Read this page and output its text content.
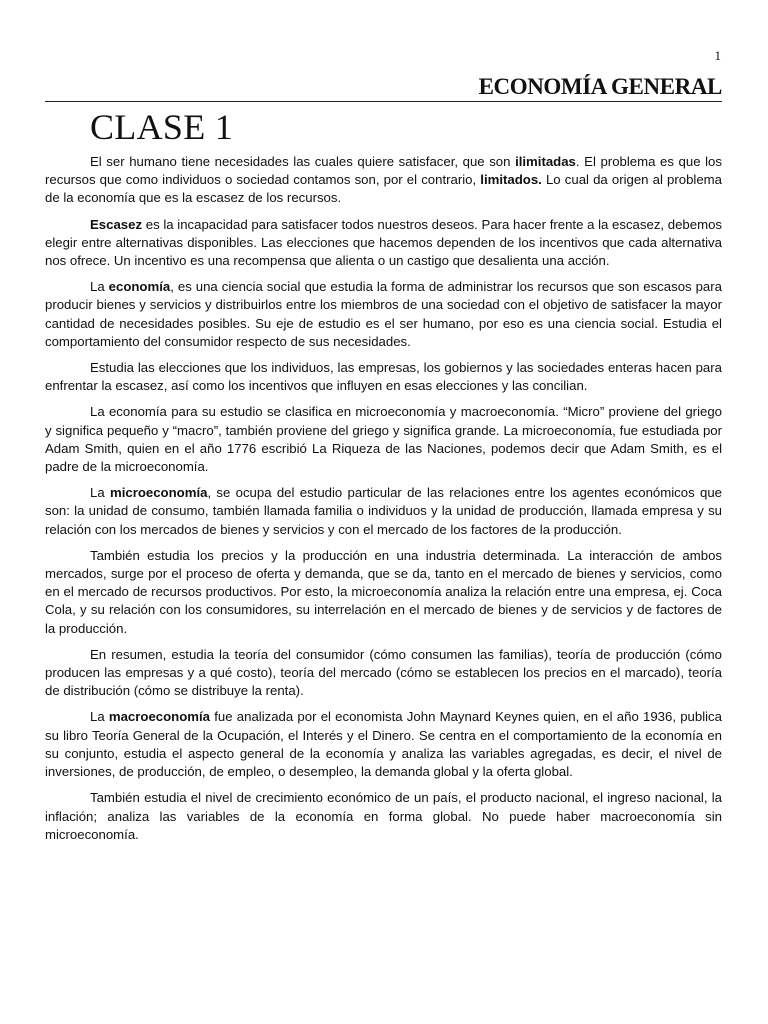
1
ECONOMÍA GENERAL
CLASE 1

El ser humano tiene necesidades las cuales quiere satisfacer, que son ilimitadas. El problema es que los recursos que como individuos o sociedad contamos son, por el contrario, limitados. Lo cual da origen al problema de la economía que es la escasez de los recursos.

Escasez es la incapacidad para satisfacer todos nuestros deseos. Para hacer frente a la escasez, debemos elegir entre alternativas disponibles. Las elecciones que hacemos dependen de los incentivos que cada alternativa nos ofrece. Un incentivo es una recompensa que alienta o un castigo que desalienta una acción.

La economía, es una ciencia social que estudia la forma de administrar los recursos que son escasos para producir bienes y servicios y distribuirlos entre los miembros de una sociedad con el objetivo de satisfacer la mayor cantidad de necesidades posibles. Su eje de estudio es el ser humano, por eso es una ciencia social. Estudia el comportamiento del consumidor respecto de sus necesidades.

Estudia las elecciones que los individuos, las empresas, los gobiernos y las sociedades enteras hacen para enfrentar la escasez, así como los incentivos que influyen en esas elecciones y las concilian.

La economía para su estudio se clasifica en microeconomía y macroeconomía. “Micro” proviene del griego y significa pequeño y “macro”, también proviene del griego y significa grande. La microeconomía, fue estudiada por Adam Smith, quien en el año 1776 escribió La Riqueza de las Naciones, podemos decir que Adam Smith, es el padre de la microeconomía.

La microeconomía, se ocupa del estudio particular de las relaciones entre los agentes económicos que son: la unidad de consumo, también llamada familia o individuos y la unidad de producción, llamada empresa y su relación con los mercados de bienes y servicios y con el mercado de los factores de la producción.

También estudia los precios y la producción en una industria determinada. La interacción de ambos mercados, surge por el proceso de oferta y demanda, que se da, tanto en el mercado de bienes y servicios, como en el mercado de recursos productivos. Por esto, la microeconomía analiza la relación entre una empresa, ej. Coca Cola, y su relación con los consumidores, su interrelación en el mercado de bienes y de servicios y de factores de la producción.

En resumen, estudia la teoría del consumidor (cómo consumen las familias), teoría de producción (cómo producen las empresas y a qué costo), teoría del mercado (cómo se establecen los precios en el marcado), teoría de distribución (cómo se distribuye la renta).

La macroeconomía fue analizada por el economista John Maynard Keynes quien, en el año 1936, publica su libro Teoría General de la Ocupación, el Interés y el Dinero. Se centra en el comportamiento de la economía en su conjunto, estudia el aspecto general de la economía y analiza las variables agregadas, es decir, el nivel de inversiones, de producción, de empleo, o desempleo, la demanda global y la oferta global.

También estudia el nivel de crecimiento económico de un país, el producto nacional, el ingreso nacional, la inflación; analiza las variables de la economía en forma global. No puede haber macroeconomía sin microeconomía.
